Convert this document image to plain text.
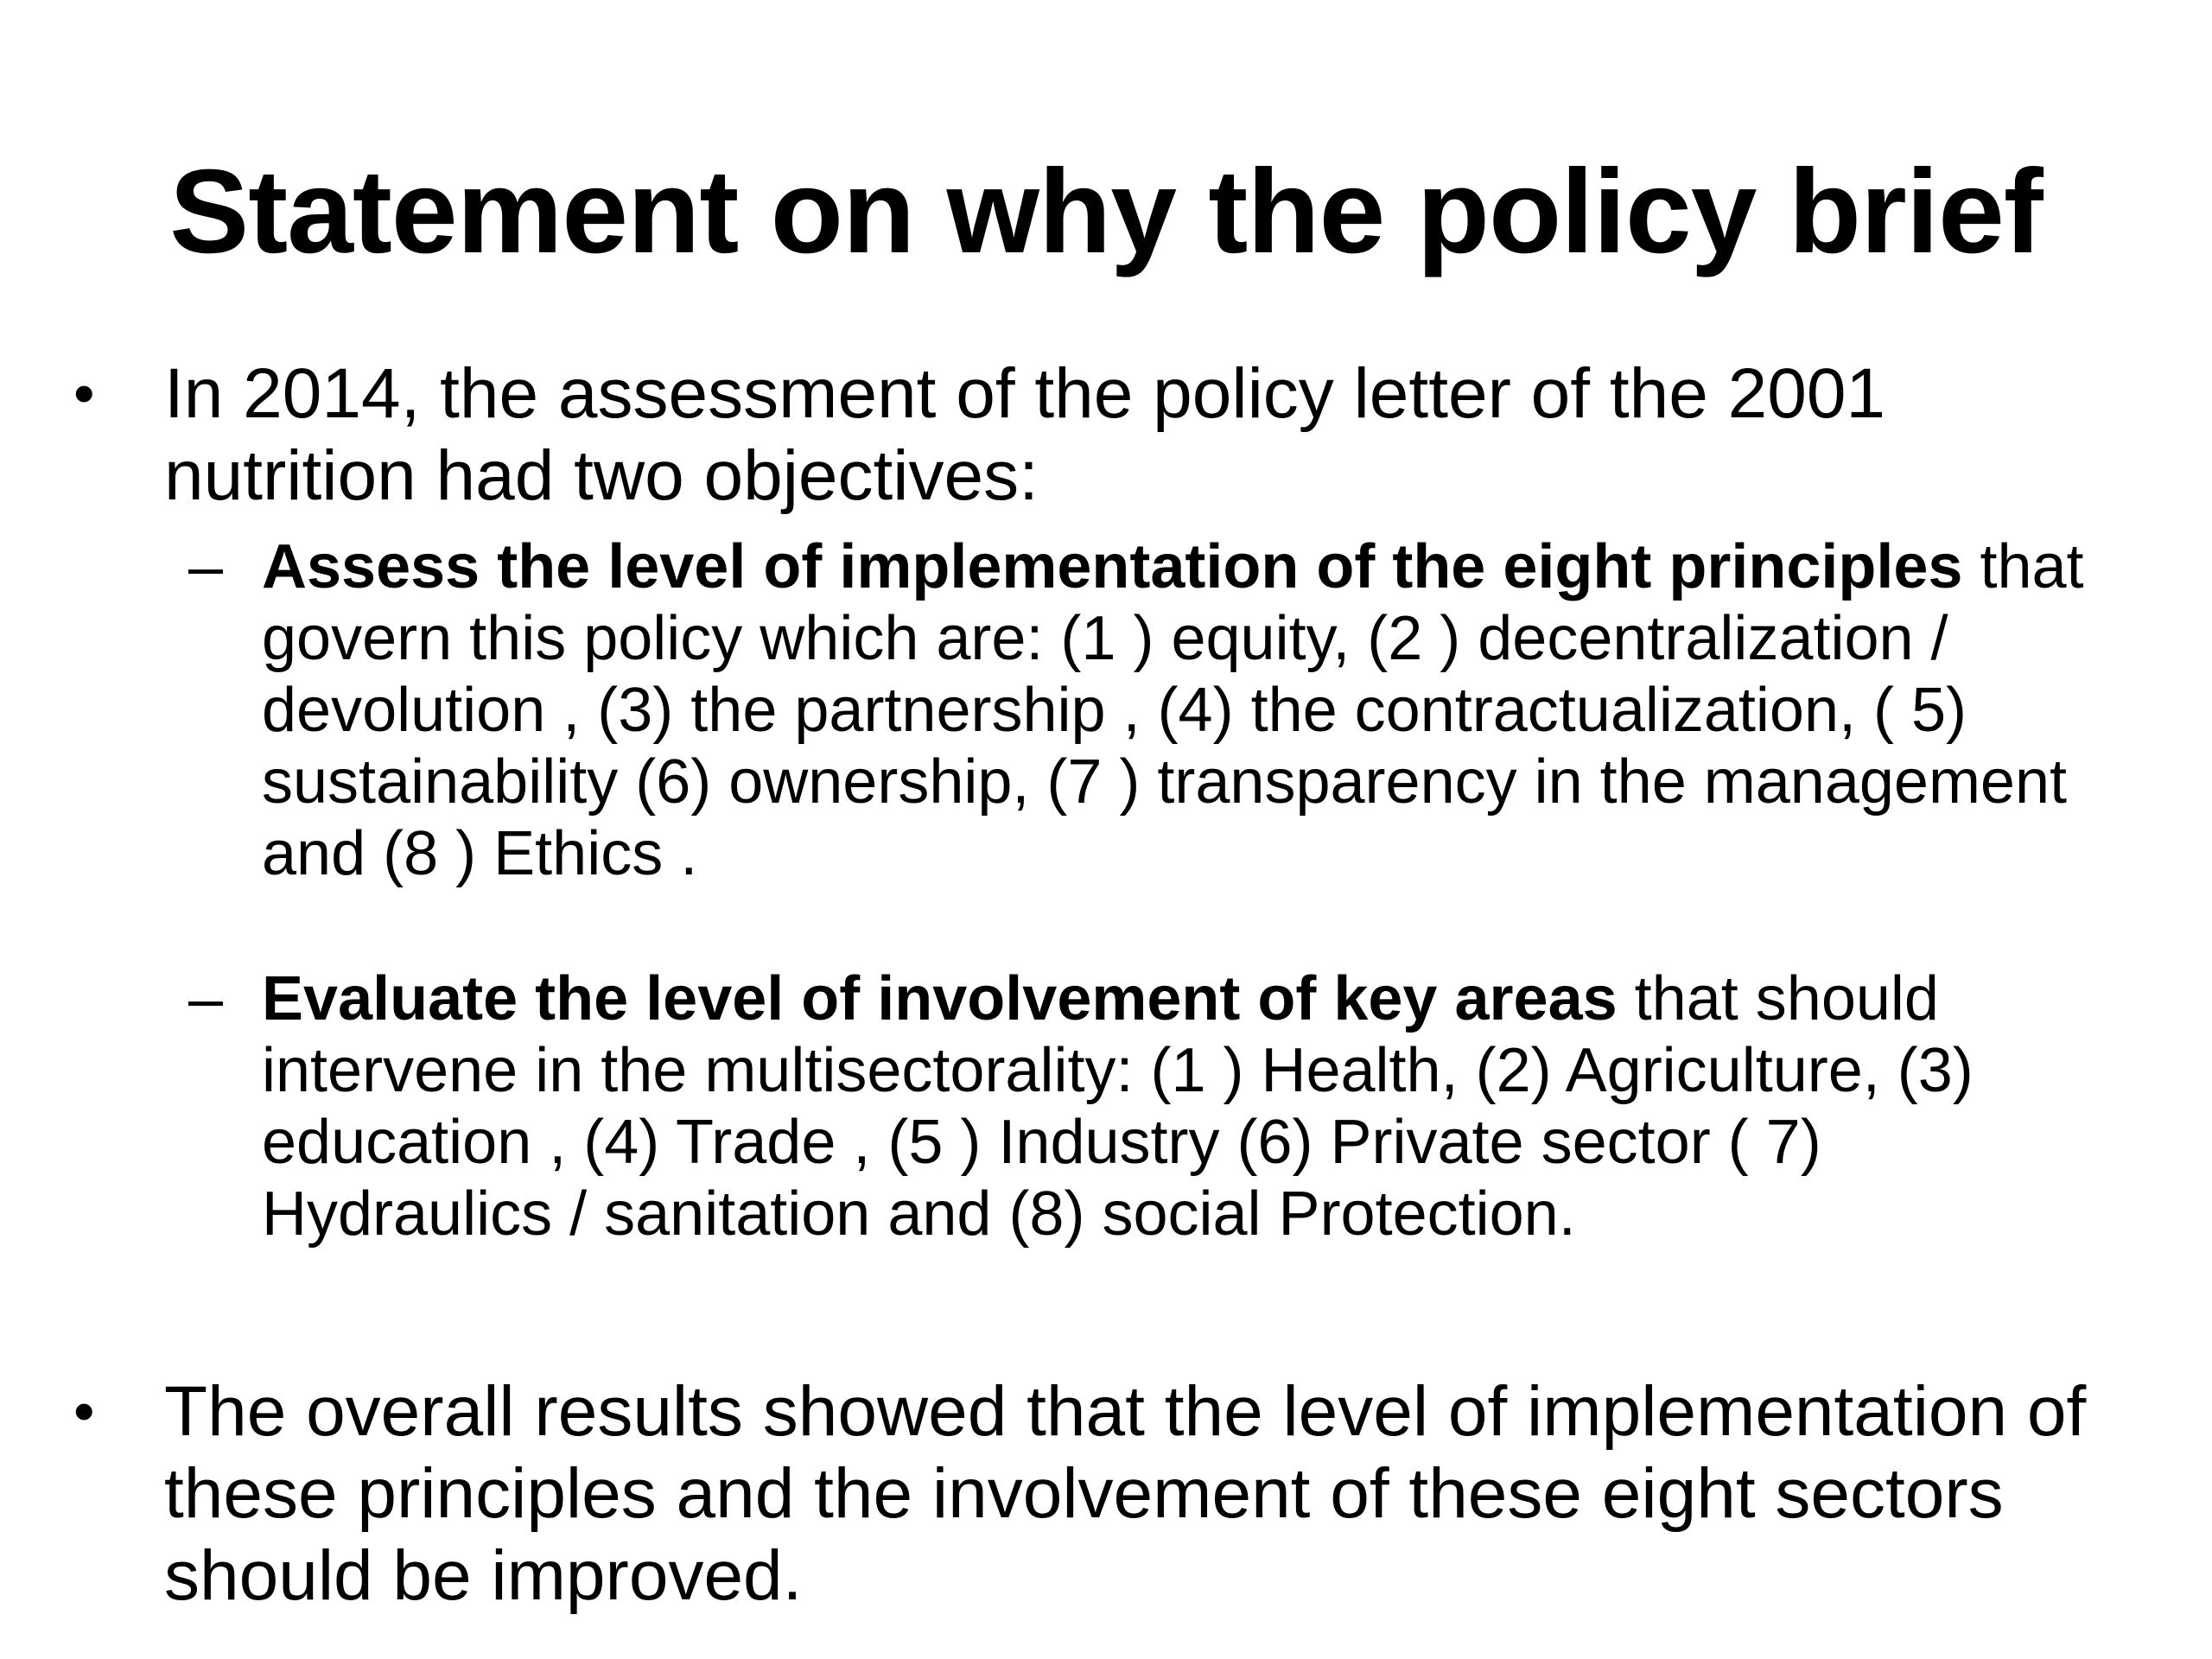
Statement on why the policy brief
• In 2014, the assessment of the policy letter of the 2001 nutrition had two objectives:
– Assess the level of implementation of the eight principles that govern this policy which are: (1 ) equity, (2 ) decentralization / devolution , (3) the partnership , (4) the contractualization, ( 5) sustainability (6) ownership, (7 ) transparency in the management and (8 ) Ethics .
– Evaluate the level of involvement of key areas that should intervene in the multisectorality: (1 ) Health, (2) Agriculture, (3) education , (4) Trade , (5 ) Industry (6) Private sector ( 7) Hydraulics / sanitation and (8) social Protection.
• The overall results showed that the level of implementation of these principles and the involvement of these eight sectors should be improved.
